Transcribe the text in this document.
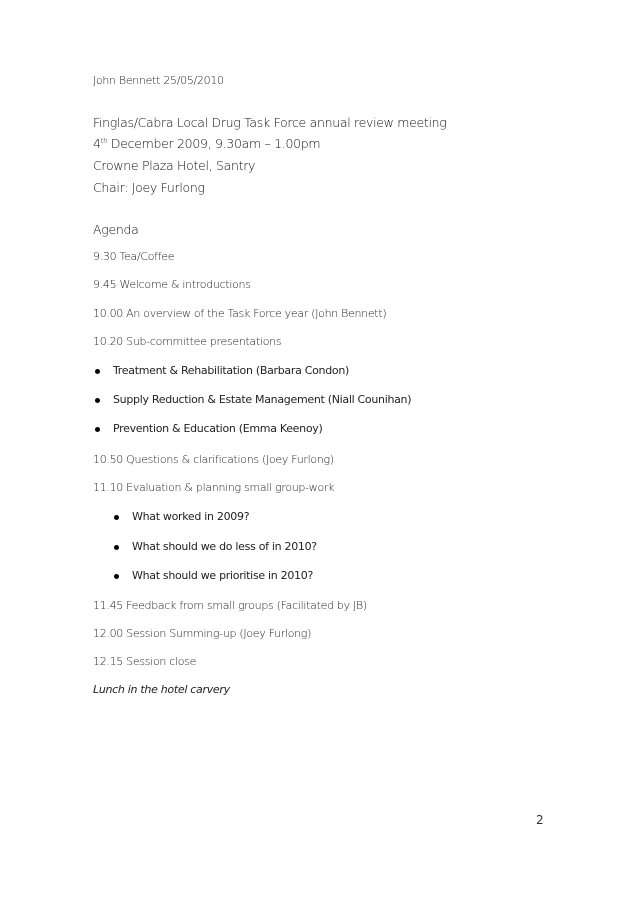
John Bennett 25/05/2010
Finglas/Cabra Local Drug Task Force annual review meeting
4th December 2009, 9.30am – 1.00pm
Crowne Plaza Hotel, Santry
Chair: Joey Furlong
Agenda
9.30 Tea/Coffee
9.45 Welcome & introductions
10.00 An overview of the Task Force year (John Bennett)
10.20 Sub-committee presentations
Treatment & Rehabilitation (Barbara Condon)
Supply Reduction & Estate Management (Niall Counihan)
Prevention & Education (Emma Keenoy)
10.50 Questions & clarifications (Joey Furlong)
11.10 Evaluation & planning small group-work
What worked in 2009?
What should we do less of in 2010?
What should we prioritise in 2010?
11.45 Feedback from small groups (Facilitated by JB)
12.00 Session Summing-up (Joey Furlong)
12.15 Session close
Lunch in the hotel carvery
2
